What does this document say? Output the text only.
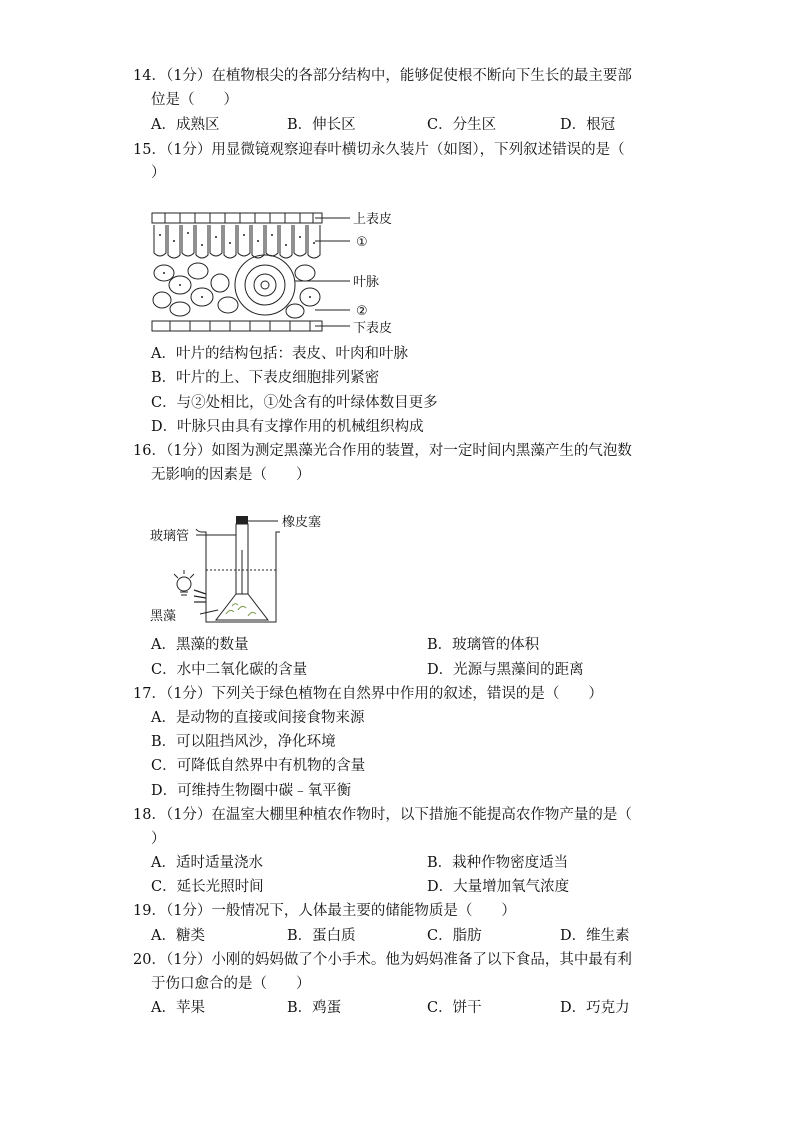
14．（1分）在植物根尖的各部分结构中，能够促使根不断向下生长的最主要部
位是（　　）
A．成熟区	B．伸长区	C．分生区	D．根冠
15．（1分）用显微镜观察迎春叶横切永久装片（如图），下列叙述错误的是（
）
上表皮
①
叶脉
②
下表皮
A．叶片的结构包括：表皮、叶肉和叶脉
B．叶片的上、下表皮细胞排列紧密
C．与②处相比，①处含有的叶绿体数目更多
D．叶脉只由具有支撑作用的机械组织构成
16．（1分）如图为测定黑藻光合作用的装置，对一定时间内黑藻产生的气泡数
无影响的因素是（　　）
橡皮塞
玻璃管
黑藻
A．黑藻的数量	B．玻璃管的体积
C．水中二氧化碳的含量	D．光源与黑藻间的距离
17．（1分）下列关于绿色植物在自然界中作用的叙述，错误的是（　　）
A．是动物的直接或间接食物来源
B．可以阻挡风沙，净化环境
C．可降低自然界中有机物的含量
D．可维持生物圈中碳﹣氧平衡
18．（1分）在温室大棚里种植农作物时，以下措施不能提高农作物产量的是（
）
A．适时适量浇水	B．栽种作物密度适当
C．延长光照时间	D．大量增加氧气浓度
19．（1分）一般情况下，人体最主要的储能物质是（　　）
A．糖类	B．蛋白质	C．脂肪	D．维生素
20．（1分）小刚的妈妈做了个小手术。他为妈妈准备了以下食品，其中最有利
于伤口愈合的是（　　）
A．苹果	B．鸡蛋	C．饼干	D．巧克力
